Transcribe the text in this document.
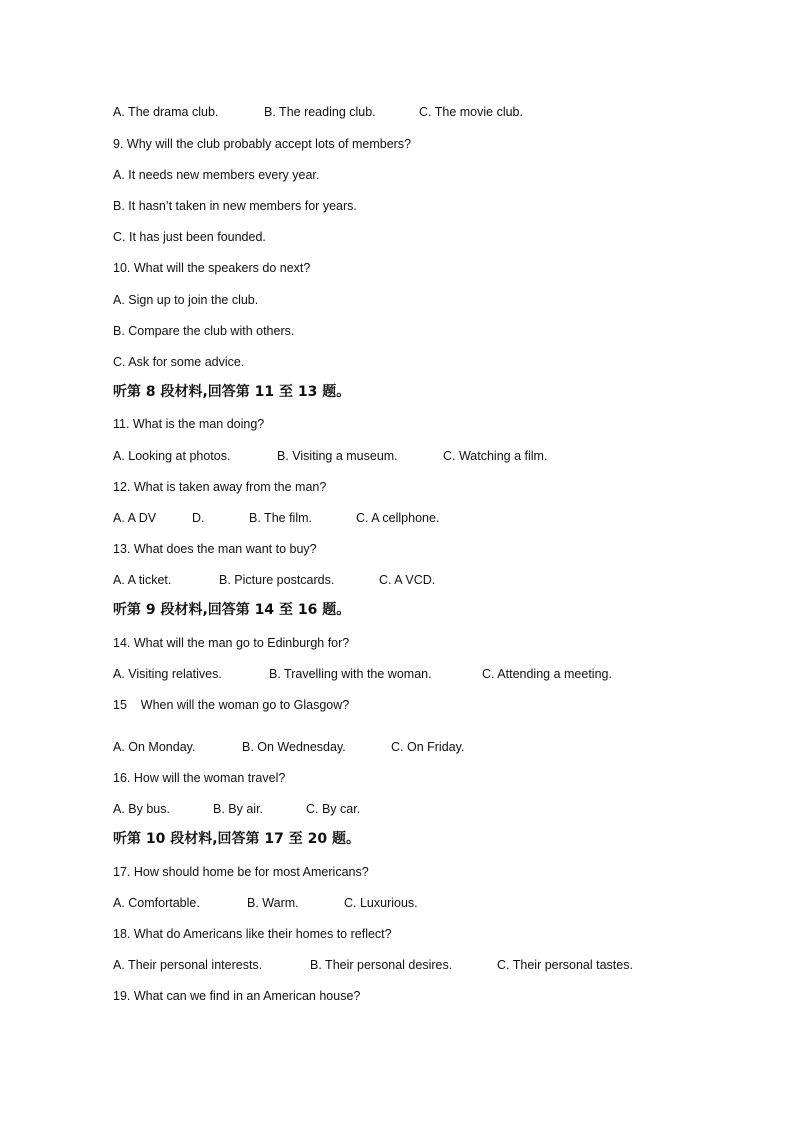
A. The drama club.	B. The reading club.	C. The movie club.
9. Why will the club probably accept lots of members?
A. It needs new members every year.
B. It hasn’t taken in new members for years.
C. It has just been founded.
10. What will the speakers do next?
A. Sign up to join the club.
B. Compare the club with others.
C. Ask for some advice.
听第 8 段材料,回答第 11 至 13 题。
11. What is the man doing?
A. Looking at photos.	B. Visiting a museum.	C. Watching a film.
12. What is taken away from the man?
A. A DV	D.	B. The film.	C. A cellphone.
13. What does the man want to buy?
A. A ticket.	B. Picture postcards.	C. A VCD.
听第 9 段材料,回答第 14 至 16 题。
14. What will the man go to Edinburgh for?
A. Visiting relatives.	B. Travelling with the woman.	C. Attending a meeting.
15    When will the woman go to Glasgow?
A. On Monday.	B. On Wednesday.	C. On Friday.
16. How will the woman travel?
A. By bus.	B. By air.	C. By car.
听第 10 段材料,回答第 17 至 20 题。
17. How should home be for most Americans?
A. Comfortable.	B. Warm.	C. Luxurious.
18. What do Americans like their homes to reflect?
A. Their personal interests.	B. Their personal desires.	C. Their personal tastes.
19. What can we find in an American house?
